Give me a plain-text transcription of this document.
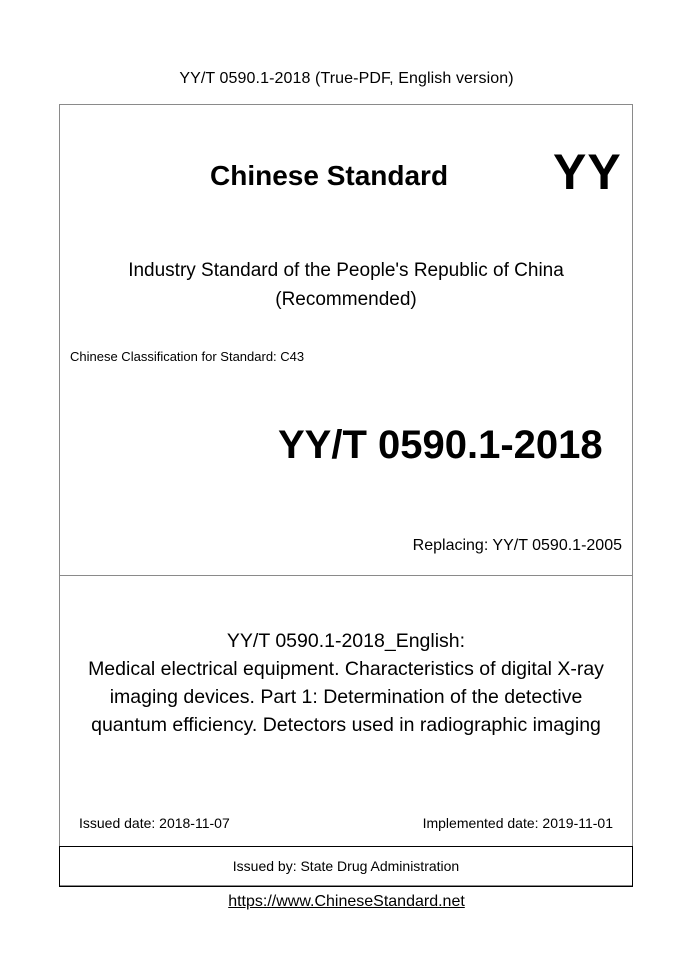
YY/T 0590.1-2018 (True-PDF, English version)
Chinese Standard YY
Industry Standard of the People's Republic of China
(Recommended)
Chinese Classification for Standard: C43
YY/T 0590.1-2018
Replacing: YY/T 0590.1-2005
YY/T 0590.1-2018_English:
Medical electrical equipment. Characteristics of digital X-ray
imaging devices. Part 1: Determination of the detective
quantum efficiency. Detectors used in radiographic imaging
Issued date: 2018-11-07	Implemented date: 2019-11-01
Issued by: State Drug Administration
https://www.ChineseStandard.net
